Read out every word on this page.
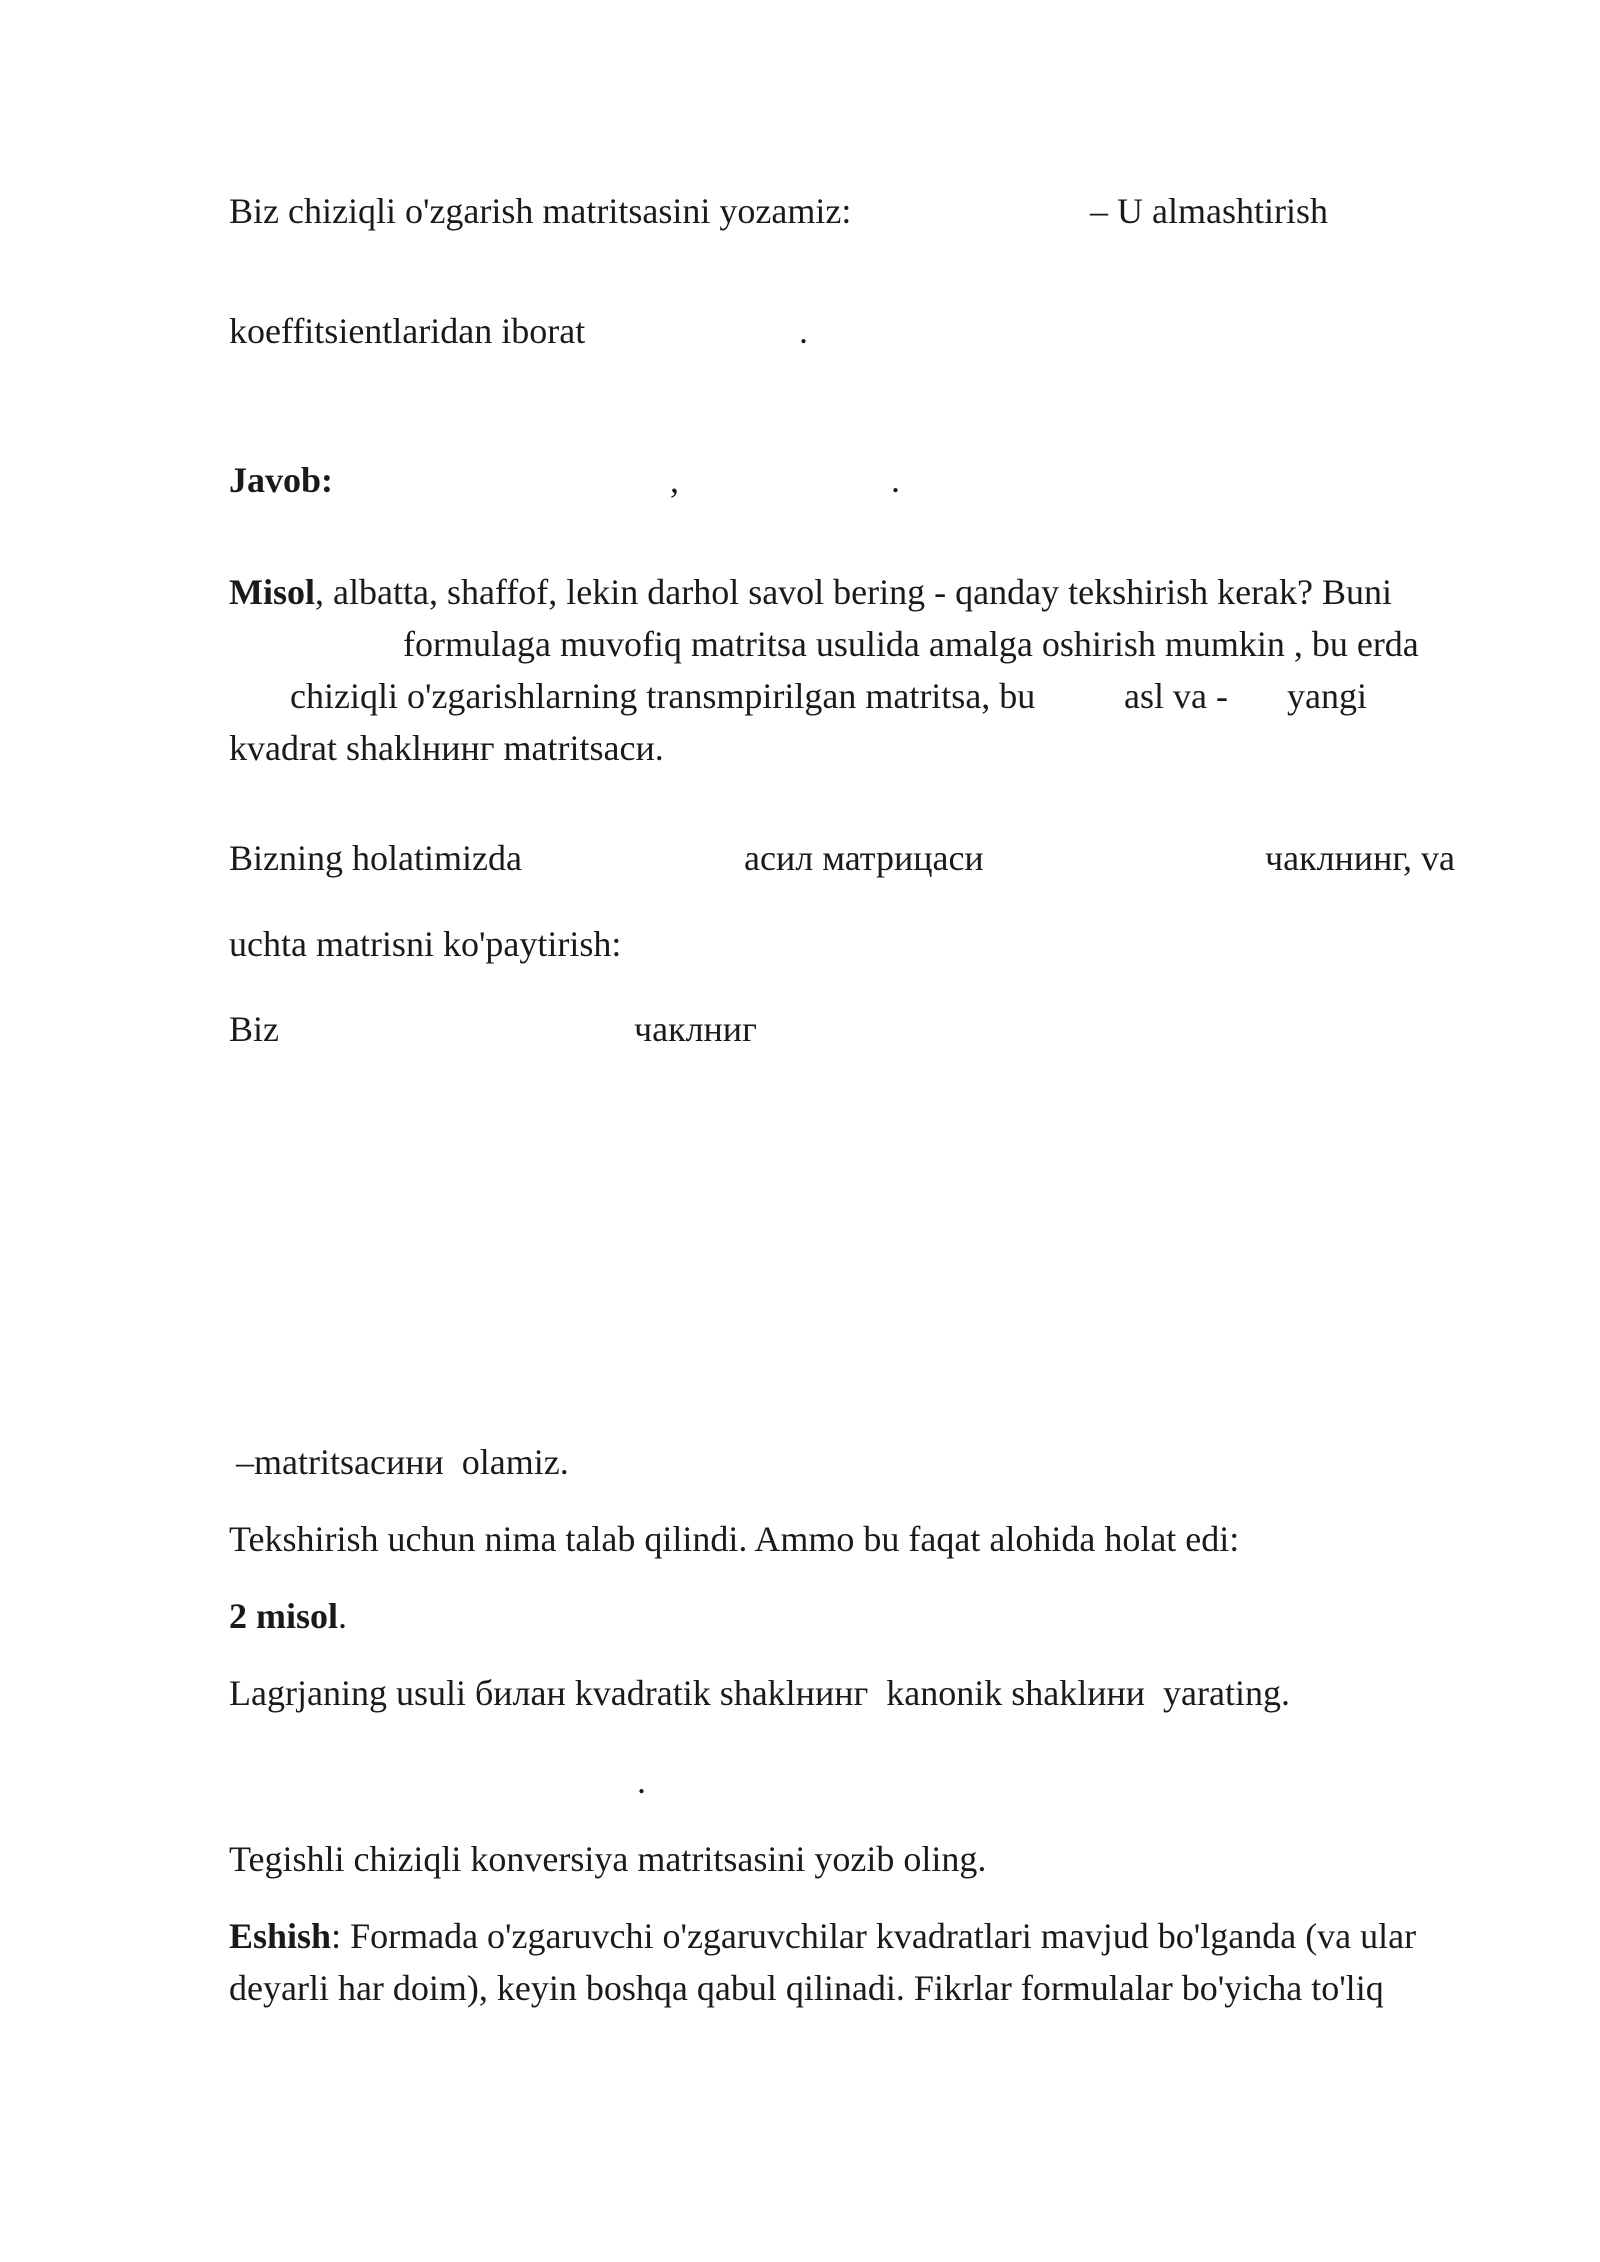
Biz chiziqli o'zgarish matritsasini yozamiz:	– U almashtirish
koeffitsientlaridan iborat	.
Javob:	,	.
Misol, albatta, shaffof, lekin darhol savol bering - qanday tekshirish kerak? Buni
formulaga muvofiq matritsa usulida amalga oshirish mumkin , bu erda
chiziqli o'zgarishlarning transmpirilgan matritsa, bu asl va - yangi
kvadrat shaklнинг matritsaси.
Bizning holatimizda	асил матрицаси	чаклнинг, va
uchta matrisni ko'paytirish:
Biz	чаклниг
–matritsaсини  olamiz.
Tekshirish uchun nima talab qilindi. Ammo bu faqat alohida holat edi:
2 misol.
Lagrjaning usuli билан kvadratik shaklнинг  kanonik shaklини  yarating.
.
Tegishli chiziqli konversiya matritsasini yozib oling.
Eshish: Formada o'zgaruvchi o'zgaruvchilar kvadratlari mavjud bo'lganda (va ular
deyarli har doim), keyin boshqa qabul qilinadi. Fikrlar formulalar bo'yicha to'liq
